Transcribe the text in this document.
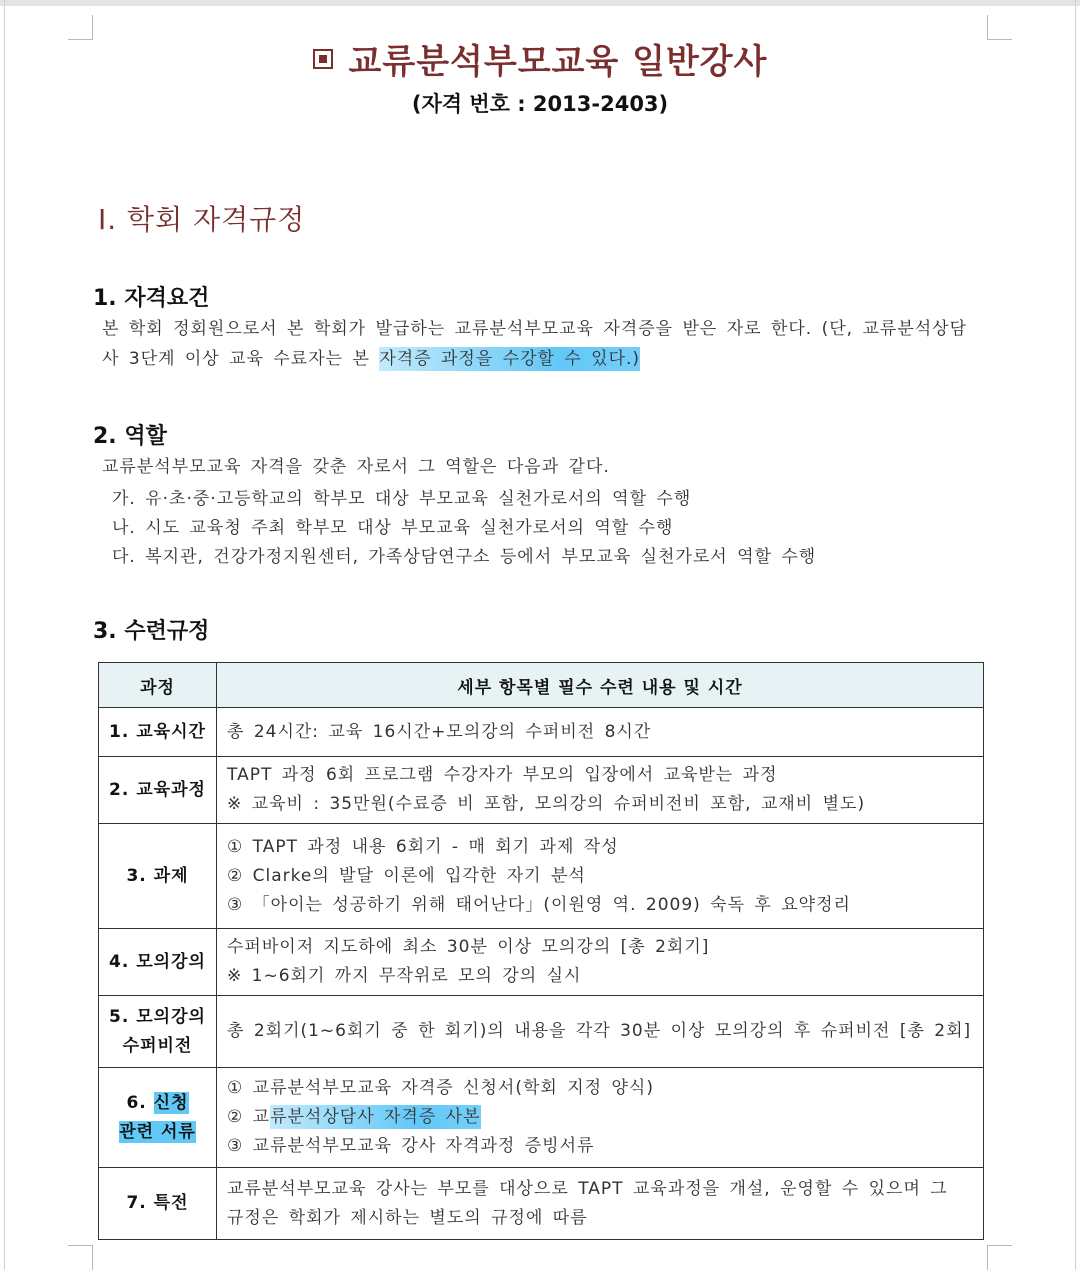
교류분석부모교육 일반강사
(자격 번호 : 2013-2403)
Ⅰ. 학회 자격규정
1. 자격요건
본 학회 정회원으로서 본 학회가 발급하는 교류분석부모교육 자격증을 받은 자로 한다. (단, 교류분석상담
사 3단계 이상 교육 수료자는 본 자격증 과정을 수강할 수 있다.)
2. 역할
교류분석부모교육 자격을 갖춘 자로서 그 역할은 다음과 같다.
가. 유·초·중·고등학교의 학부모 대상 부모교육 실천가로서의 역할 수행
나. 시도 교육청 주최 학부모 대상 부모교육 실천가로서의 역할 수행
다. 복지관, 건강가정지원센터, 가족상담연구소 등에서 부모교육 실천가로서 역할 수행
3. 수련규정
과정	세부 항목별 필수 수련 내용 및 시간
1. 교육시간	총 24시간: 교육 16시간+모의강의 수퍼비전 8시간

2. 교육과정	TAPT 과정 6회 프로그램 수강자가 부모의 입장에서 교육받는 과정
※ 교육비 : 35만원(수료증 비 포함, 모의강의 슈퍼비전비 포함, 교재비 별도)

3. 과제	① TAPT 과정 내용 6회기 - 매 회기 과제 작성
② Clarke의 발달 이론에 입각한 자기 분석
③ 「아이는 성공하기 위해 태어난다」(이원영 역. 2009) 숙독 후 요약정리

4. 모의강의	수퍼바이저 지도하에 최소 30분 이상 모의강의 [총 2회기]
※ 1~6회기 까지 무작위로 모의 강의 실시

5. 모의강의
수퍼비전	총 2회기(1~6회기 중 한 회기)의 내용을 각각 30분 이상 모의강의 후 슈퍼비전 [총 2회]

6. 신청
관련 서류	① 교류분석부모교육 자격증 신청서(학회 지정 양식)
② 교류분석상담사 자격증 사본
③ 교류분석부모교육 강사 자격과정 증빙서류

7. 특전	교류분석부모교육 강사는 부모를 대상으로 TAPT 교육과정을 개설, 운영할 수 있으며 그
규정은 학회가 제시하는 별도의 규정에 따름
